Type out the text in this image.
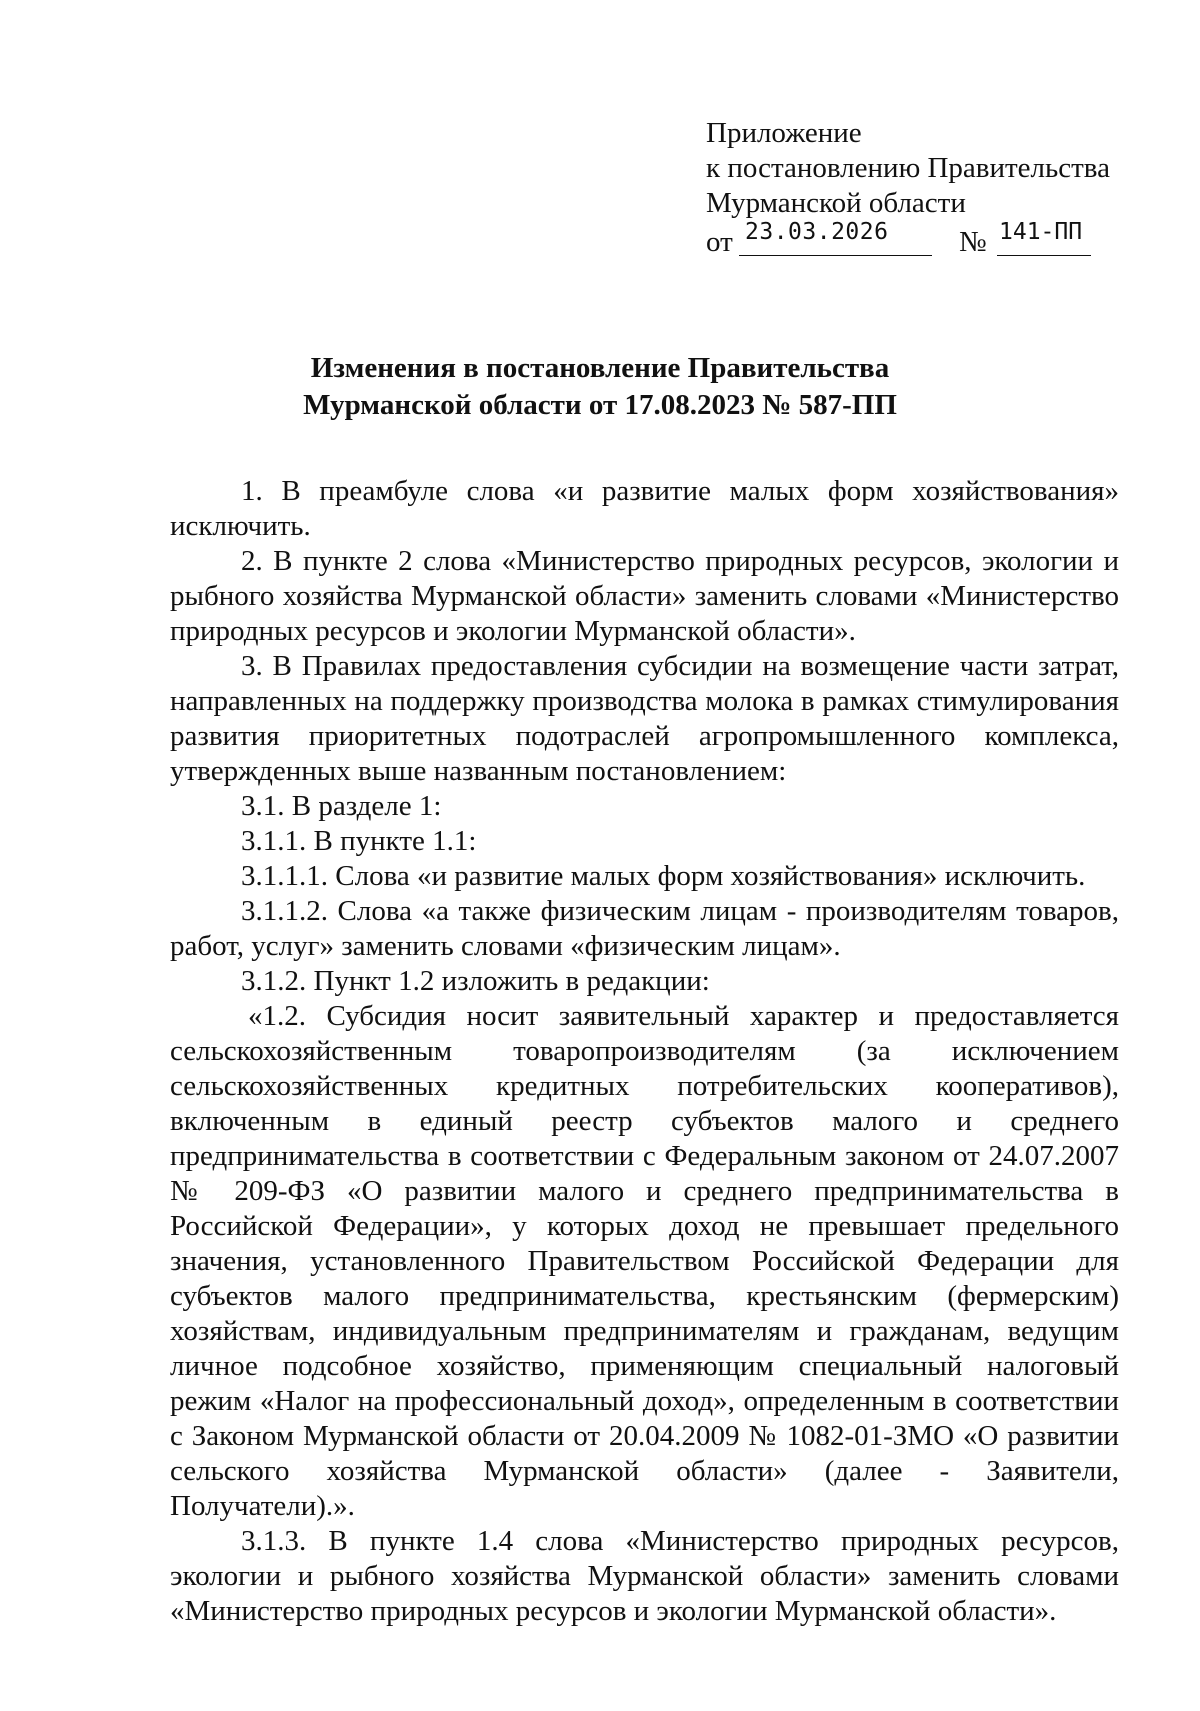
Приложение
к постановлению Правительства
Мурманской области
от 23.03.2026 № 141-ПП
Изменения в постановление Правительства
Мурманской области от 17.08.2023 № 587-ПП

1. В преамбуле слова «и развитие малых форм хозяйствования» исключить.

2. В пункте 2 слова «Министерство природных ресурсов, экологии и рыбного хозяйства Мурманской области» заменить словами «Министерство природных ресурсов и экологии Мурманской области».

3. В Правилах предоставления субсидии на возмещение части затрат, направленных на поддержку производства молока в рамках стимулирования развития приоритетных подотраслей агропромышленного комплекса, утвержденных выше названным постановлением:

3.1. В разделе 1:

3.1.1. В пункте 1.1:

3.1.1.1. Слова «и развитие малых форм хозяйствования» исключить.

3.1.1.2. Слова «а также физическим лицам - производителям товаров, работ, услуг» заменить словами «физическим лицам».

3.1.2. Пункт 1.2 изложить в редакции:

«1.2. Субсидия носит заявительный характер и предоставляется сельскохозяйственным товаропроизводителям (за исключением сельскохозяйственных кредитных потребительских кооперативов), включенным в единый реестр субъектов малого и среднего предпринимательства в соответствии с Федеральным законом от 24.07.2007 № 209-ФЗ «О развитии малого и среднего предпринимательства в Российской Федерации», у которых доход не превышает предельного значения, установленного Правительством Российской Федерации для субъектов малого предпринимательства, крестьянским (фермерским) хозяйствам, индивидуальным предпринимателям и гражданам, ведущим личное подсобное хозяйство, применяющим специальный налоговый режим «Налог на профессиональный доход», определенным в соответствии с Законом Мурманской области от 20.04.2009 № 1082-01-ЗМО «О развитии сельского хозяйства Мурманской области» (далее - Заявители, Получатели).».

3.1.3. В пункте 1.4 слова «Министерство природных ресурсов, экологии и рыбного хозяйства Мурманской области» заменить словами «Министерство природных ресурсов и экологии Мурманской области».
